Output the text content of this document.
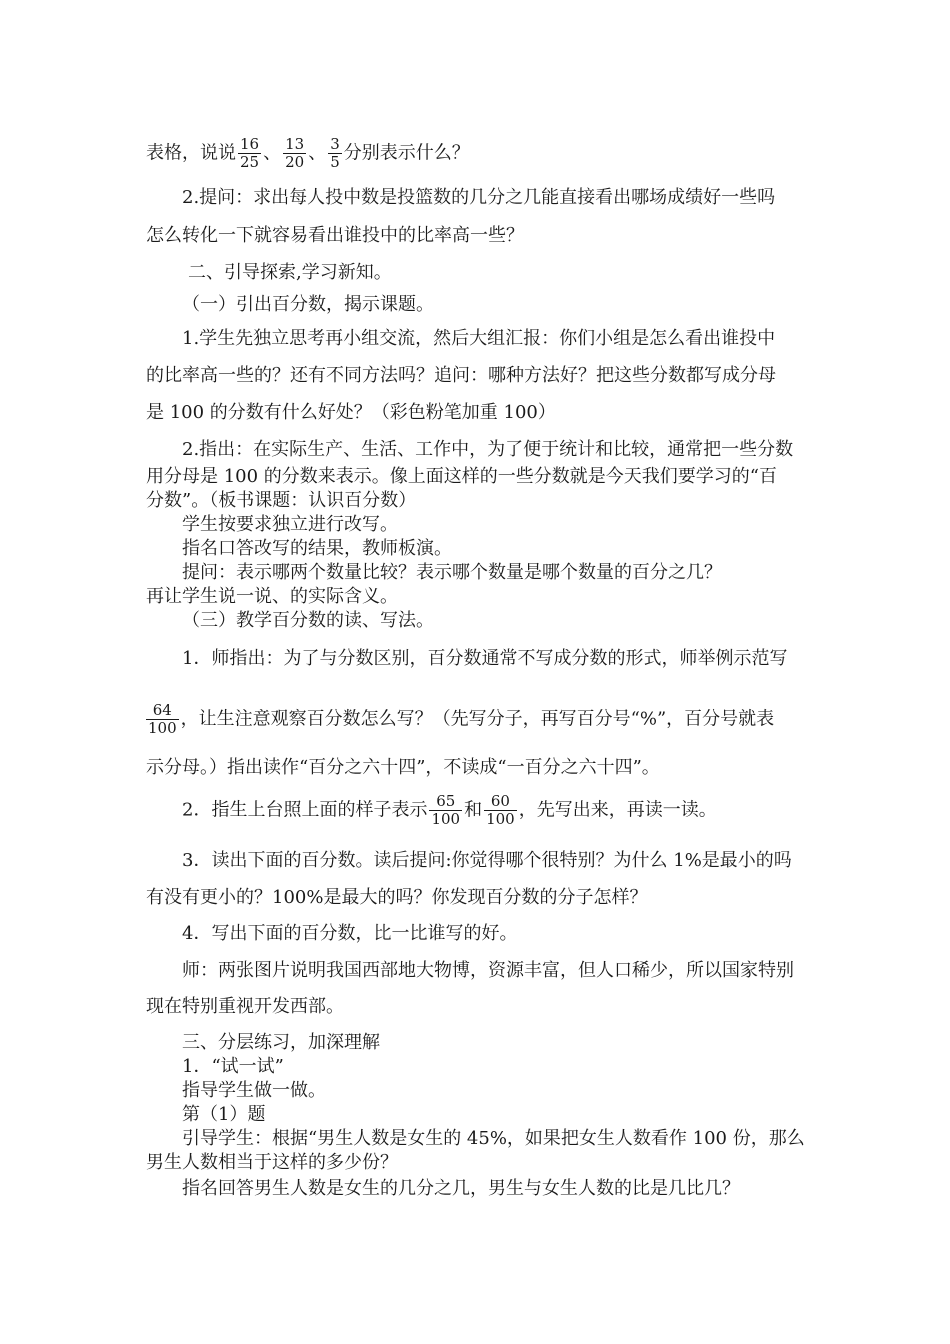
表格，说说 $\frac{16}{25}$ 、 $\frac{13}{20}$ 、 $\frac{3}{5}$ 分别表示什么？
2.提问：求出每人投中数是投篮数的几分之几能直接看出哪场成绩好一些吗
怎么转化一下就容易看出谁投中的比率高一些？
二、引导探索,学习新知。
（一）引出百分数，揭示课题。
1.学生先独立思考再小组交流，然后大组汇报：你们小组是怎么看出谁投中
的比率高一些的？还有不同方法吗？追问：哪种方法好？把这些分数都写成分母
是 100 的分数有什么好处？（彩色粉笔加重 100）
2.指出：在实际生产、生活、工作中，为了便于统计和比较，通常把一些分数
用分母是 100 的分数来表示。像上面这样的一些分数就是今天我们要学习的“百
分数”。（板书课题：认识百分数）
学生按要求独立进行改写。
指名口答改写的结果，教师板演。
提问：表示哪两个数量比较？表示哪个数量是哪个数量的百分之几？
再让学生说一说、的实际含义。
（三）教学百分数的读、写法。
1．师指出：为了与分数区别，百分数通常不写成分数的形式，师举例示范写
$\frac{64}{100}$ ，让生注意观察百分数怎么写？（先写分子，再写百分号“%”，百分号就表
示分母。）指出读作“百分之六十四”，不读成“一百分之六十四”。
2．指生上台照上面的样子表示 $\frac{65}{100}$ 和 $\frac{60}{100}$ ，先写出来，再读一读。
3．读出下面的百分数。读后提问:你觉得哪个很特别？为什么 1%是最小的吗
有没有更小的？100%是最大的吗？你发现百分数的分子怎样？
4．写出下面的百分数，比一比谁写的好。
师：两张图片说明我国西部地大物博，资源丰富，但人口稀少，所以国家特别
现在特别重视开发西部。
三、分层练习，加深理解
1．“试一试”
指导学生做一做。
第（1）题
引导学生：根据“男生人数是女生的 45%，如果把女生人数看作 100 份，那么
男生人数相当于这样的多少份？
指名回答男生人数是女生的几分之几，男生与女生人数的比是几比几？
